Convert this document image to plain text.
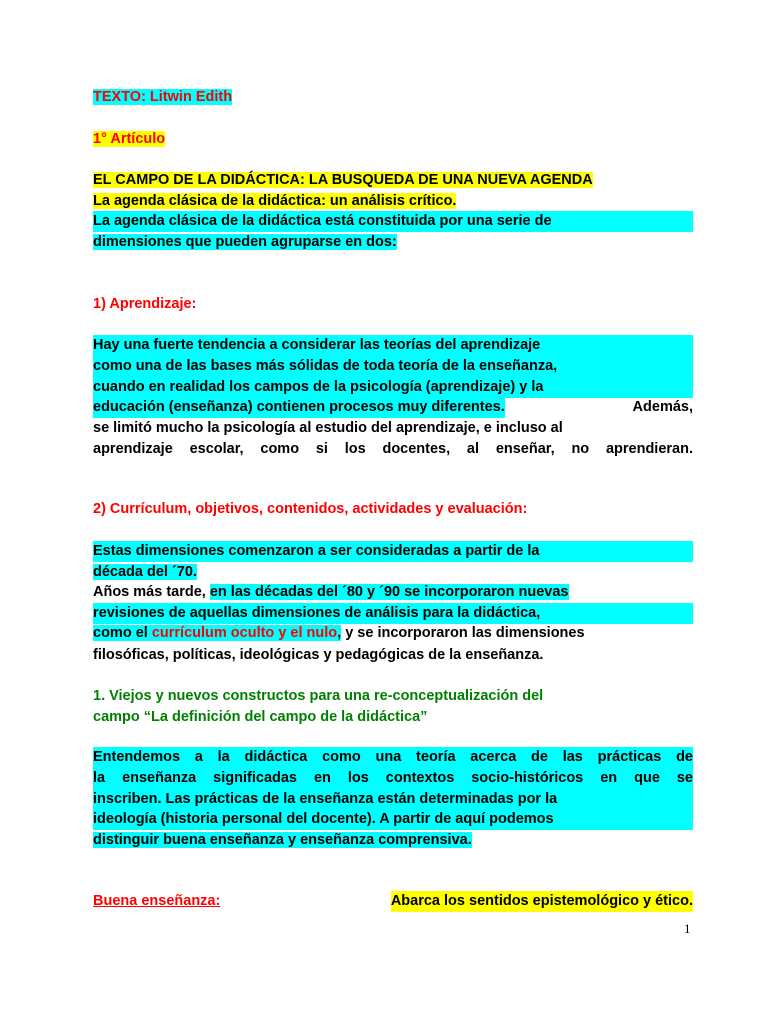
TEXTO: Litwin Edith
1° Artículo
EL CAMPO DE LA DIDÁCTICA: LA BUSQUEDA DE UNA NUEVA AGENDA
La agenda clásica de la didáctica: un análisis crítico.
La agenda clásica de la didáctica está constituida por una serie de
dimensiones que pueden agruparse en dos:
1) Aprendizaje:
Hay una fuerte tendencia a considerar las teorías del aprendizaje
como una de las bases más sólidas de toda teoría de la enseñanza,
cuando en realidad los campos de la psicología (aprendizaje) y la
educación (enseñanza) contienen procesos muy diferentes.	Además,
se limitó mucho la psicología al estudio del aprendizaje, e incluso al
aprendizaje escolar, como si los docentes, al enseñar, no aprendieran.
2) Currículum, objetivos, contenidos, actividades y evaluación:
Estas dimensiones comenzaron a ser consideradas a partir de la
década del ´70.
Años más tarde, en las décadas del ´80 y ´90 se incorporaron nuevas
revisiones de aquellas dimensiones de análisis para la didáctica,
como el currículum oculto y el nulo, y se incorporaron las dimensiones
filosóficas, políticas, ideológicas y pedagógicas de la enseñanza.
1. Viejos y nuevos constructos para una re-conceptualización del
campo “La definición del campo de la didáctica”
Entendemos a la didáctica como una teoría acerca de las prácticas de
la enseñanza significadas en los contextos socio-históricos en que se
inscriben. Las prácticas de la enseñanza están determinadas por la
ideología (historia personal del docente). A partir de aquí podemos
distinguir buena enseñanza y enseñanza comprensiva.
Buena enseñanza:	Abarca los sentidos epistemológico y ético.
1
